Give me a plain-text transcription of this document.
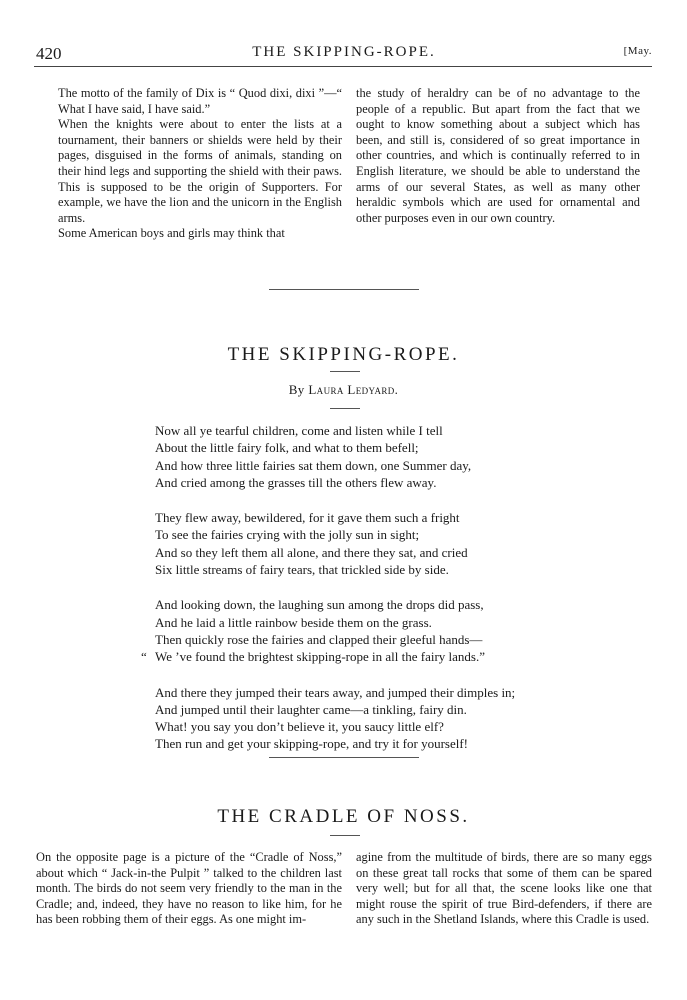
420	THE SKIPPING-ROPE.	[May.

The motto of the family of Dix is “ Quod dixi, dixi ”—“ What I have said, I have said.”

When the knights were about to enter the lists at a tournament, their banners or shields were held by their pages, disguised in the forms of animals, standing on their hind legs and supporting the shield with their paws. This is supposed to be the origin of Supporters. For example, we have the lion and the unicorn in the English arms.

Some American boys and girls may think that

the study of heraldry can be of no advantage to the people of a republic. But apart from the fact that we ought to know something about a subject which has been, and still is, considered of so great importance in other countries, and which is continually referred to in English literature, we should be able to understand the arms of our several States, as well as many other heraldic symbols which are used for ornamental and other purposes even in our own country.

THE SKIPPING-ROPE.
By Laura Ledyard.
Now all ye tearful children, come and listen while I tell
About the little fairy folk, and what to them befell;
And how three little fairies sat them down, one Summer day,
And cried among the grasses till the others flew away.
They flew away, bewildered, for it gave them such a fright
To see the fairies crying with the jolly sun in sight;
And so they left them all alone, and there they sat, and cried
Six little streams of fairy tears, that trickled side by side.
And looking down, the laughing sun among the drops did pass,
And he laid a little rainbow beside them on the grass.
Then quickly rose the fairies and clapped their gleeful hands—
“ We ’ve found the brightest skipping-rope in all the fairy lands.”
And there they jumped their tears away, and jumped their dimples in;
And jumped until their laughter came—a tinkling, fairy din.
What! you say you don’t believe it, you saucy little elf?
Then run and get your skipping-rope, and try it for yourself!
THE CRADLE OF NOSS.

On the opposite page is a picture of the “Cradle of Noss,” about which “ Jack-in-the Pulpit ” talked to the children last month. The birds do not seem very friendly to the man in the Cradle; and, indeed, they have no reason to like him, for he has been robbing them of their eggs. As one might im-

agine from the multitude of birds, there are so many eggs on these great tall rocks that some of them can be spared very well; but for all that, the scene looks like one that might rouse the spirit of true Bird-defenders, if there are any such in the Shetland Islands, where this Cradle is used.
